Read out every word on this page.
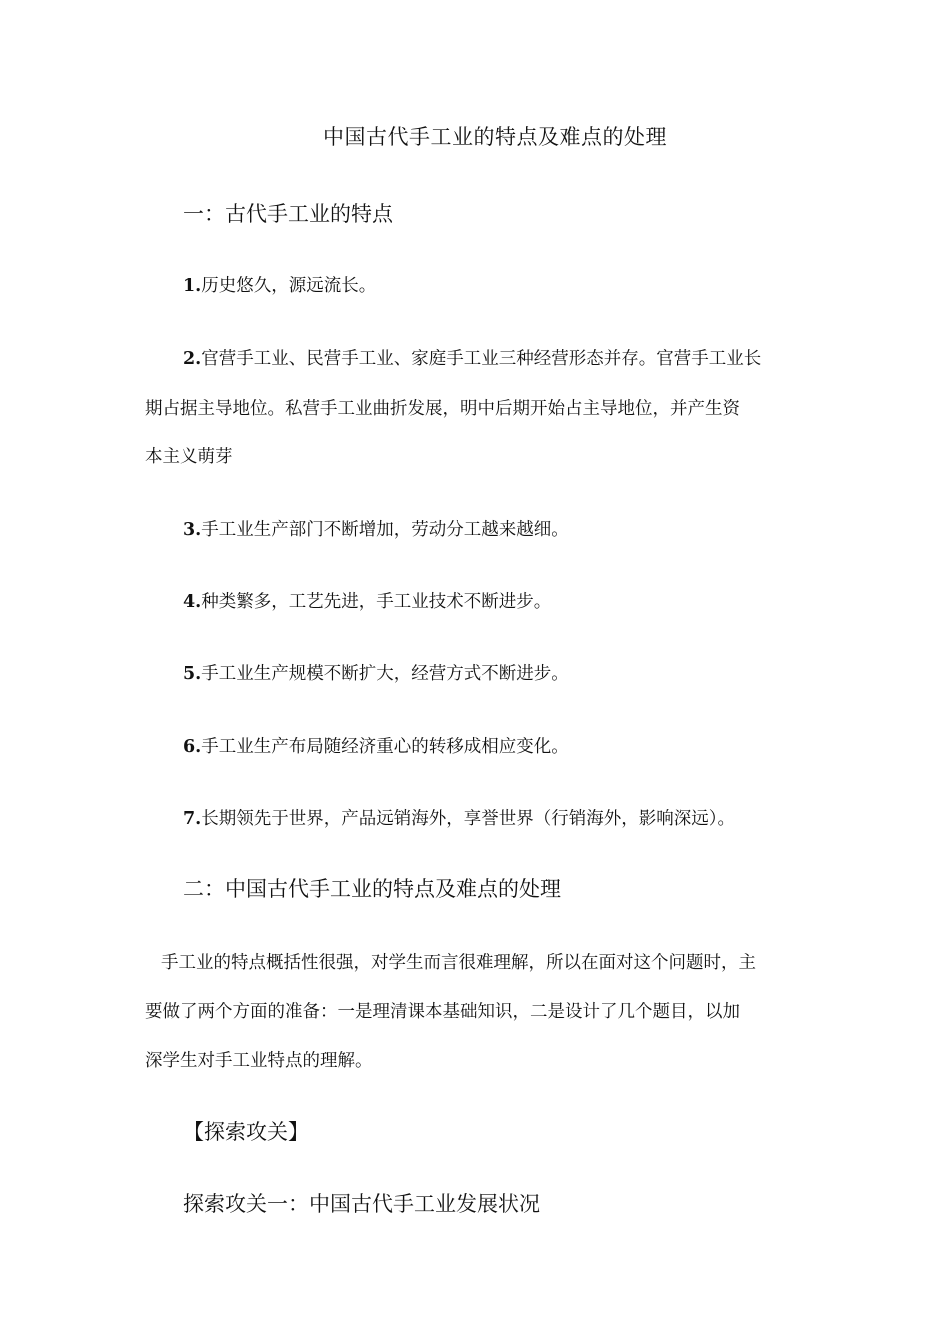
中国古代手工业的特点及难点的处理
一：古代手工业的特点
1.历史悠久，源远流长。
2.官营手工业、民营手工业、家庭手工业三种经营形态并存。官营手工业长
期占据主导地位。私营手工业曲折发展，明中后期开始占主导地位，并产生资
本主义萌芽
3.手工业生产部门不断增加，劳动分工越来越细。
4.种类繁多，工艺先进，手工业技术不断进步。
5.手工业生产规模不断扩大，经营方式不断进步。
6.手工业生产布局随经济重心的转移成相应变化。
7.长期领先于世界，产品远销海外，享誉世界（行销海外，影响深远）。
二：中国古代手工业的特点及难点的处理
手工业的特点概括性很强，对学生而言很难理解，所以在面对这个问题时，主
要做了两个方面的准备：一是理清课本基础知识，二是设计了几个题目，以加
深学生对手工业特点的理解。
【探索攻关】
探索攻关一：中国古代手工业发展状况
